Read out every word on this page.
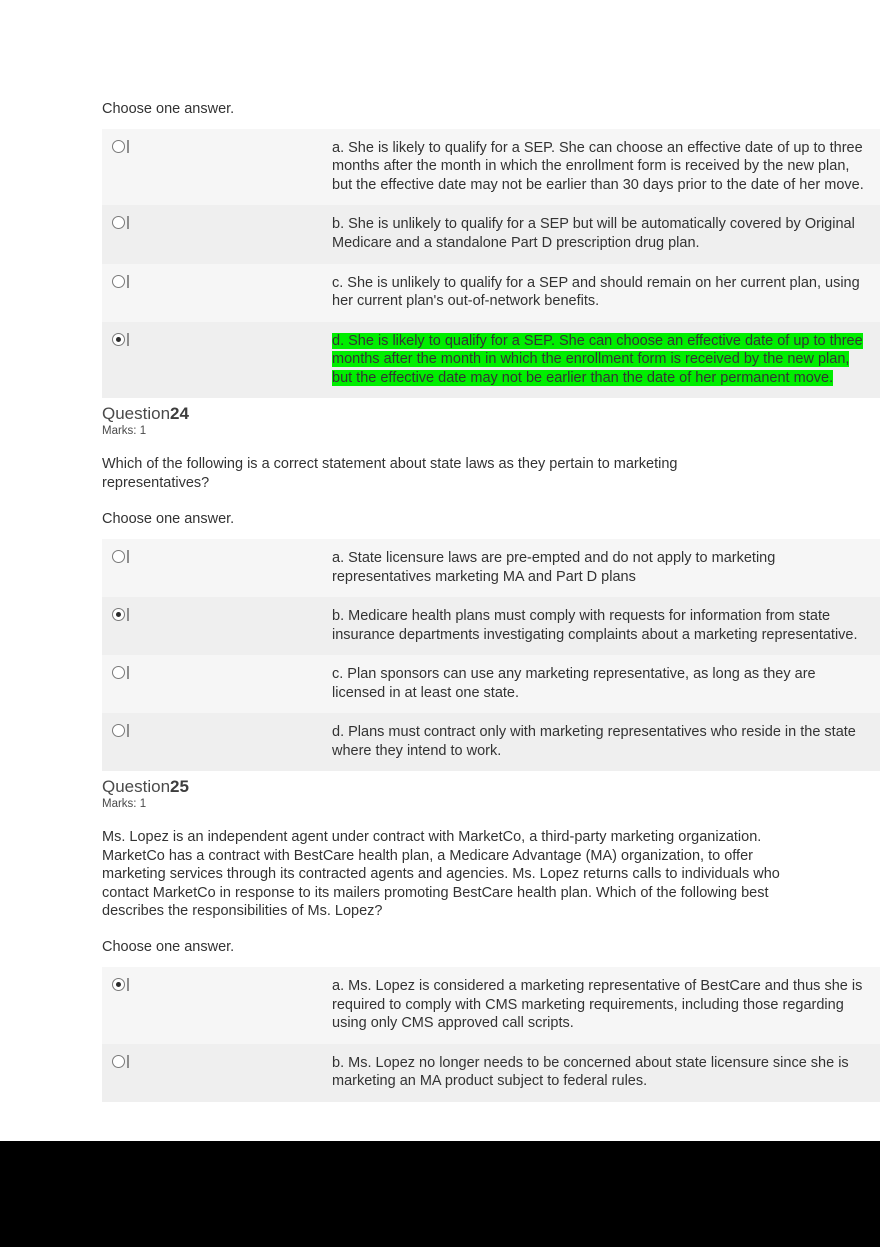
Choose one answer.
a. She is likely to qualify for a SEP. She can choose an effective date of up to three months after the month in which the enrollment form is received by the new plan, but the effective date may not be earlier than 30 days prior to the date of her move.
b. She is unlikely to qualify for a SEP but will be automatically covered by Original Medicare and a standalone Part D prescription drug plan.
c. She is unlikely to qualify for a SEP and should remain on her current plan, using her current plan's out-of-network benefits.
d. She is likely to qualify for a SEP. She can choose an effective date of up to three months after the month in which the enrollment form is received by the new plan, but the effective date may not be earlier than the date of her permanent move.
Question24
Marks: 1
Which of the following is a correct statement about state laws as they pertain to marketing representatives?
Choose one answer.
a. State licensure laws are pre-empted and do not apply to marketing representatives marketing MA and Part D plans
b. Medicare health plans must comply with requests for information from state insurance departments investigating complaints about a marketing representative.
c. Plan sponsors can use any marketing representative, as long as they are licensed in at least one state.
d. Plans must contract only with marketing representatives who reside in the state where they intend to work.
Question25
Marks: 1
Ms. Lopez is an independent agent under contract with MarketCo, a third-party marketing organization. MarketCo has a contract with BestCare health plan, a Medicare Advantage (MA) organization, to offer marketing services through its contracted agents and agencies. Ms. Lopez returns calls to individuals who contact MarketCo in response to its mailers promoting BestCare health plan. Which of the following best describes the responsibilities of Ms. Lopez?
Choose one answer.
a. Ms. Lopez is considered a marketing representative of BestCare and thus she is required to comply with CMS marketing requirements, including those regarding using only CMS approved call scripts.
b. Ms. Lopez no longer needs to be concerned about state licensure since she is marketing an MA product subject to federal rules.
